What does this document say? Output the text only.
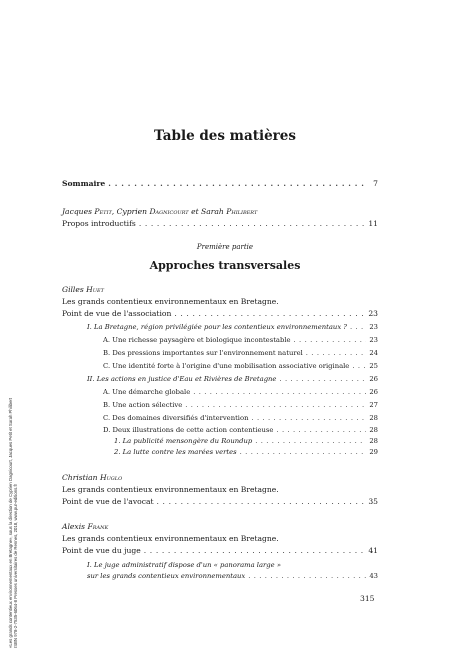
«Les grands contentieux environnementaux en Bretagne», sous la direction de Cyprien Dagnicourt, Jacques Petit et Sarah Philibert ISBN 978-2-7535-6064-8 Presses universitaires de Rennes, 2018, www.pur-editions.fr
Table des matières
Sommaire . . .	7
Jacques Petit, Cyprien Dagnicourt et Sarah Philibert
Propos introductifs . . .	11
Première partie
Approches transversales
Gilles Huet
Les grands contentieux environnementaux en Bretagne.
Point de vue de l'association . . .	23
I. La Bretagne, région privilégiée pour les contentieux environnementaux ? . . .	23
A. Une richesse paysagère et biologique incontestable . . .	23
B. Des pressions importantes sur l'environnement naturel . . .	24
C. Une identité forte à l'origine d'une mobilisation associative originale . . .	25
II. Les actions en justice d'Eau et Rivières de Bretagne . . .	26
A. Une démarche globale . . .	26
B. Une action sélective . . .	27
C. Des domaines diversifiés d'intervention . . .	28
D. Deux illustrations de cette action contentieuse . . .	28
1. La publicité mensongère du Roundup . . .	28
2. La lutte contre les marées vertes . . .	29
Christian Huglo
Les grands contentieux environnementaux en Bretagne.
Point de vue de l'avocat . . .	35
Alexis Frank
Les grands contentieux environnementaux en Bretagne.
Point de vue du juge . . .	41
I. Le juge administratif dispose d'un « panorama large »
sur les grands contentieux environnementaux . . .	43
315
